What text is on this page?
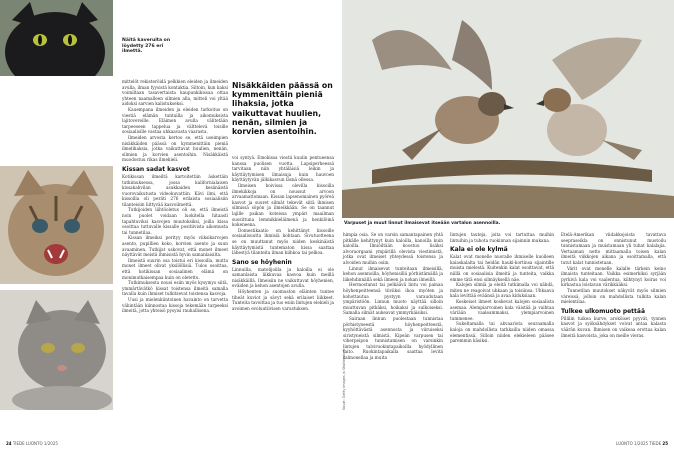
Näitä kaveruita on löydetty 276 eri ilmettä.

mittelöt rekisteröidä pelkkien eleiden ja ilmeiden avulla, ilman fyysistä kontaktia. Siltoin, kun kaksi voimiltaan tasavertaista kaupunkikissaa ottaa yhteen naamalleen silmien alla, mitteli voi yltää aidoksi sarvien kalistukseksi.

Kauempana ilmeiden ja eleiden tarkoitus on viestiä elämän tuntuilla ja aikomuksista lajitovereille. Eläimen avulla välitetään tarpeeseen tappelua ja välttelevä toisille sosiaalisille vastaa uhkaavasta vaarasta.

Ilmeiden arvosta kertoo se, että useimpien nisäkkäiden päässä on kymmenittäin pieniä ilmelihaksia, jotka vaikuttavat huulien, nenän, silmien ja korvien asentoihin. Nisäkkäistä muodostuu rikas ilmekieli.

Kissan sadat kasvot

Kotikissan ilmeiltä kartoitettiin äskettäin tutkimuksessa, jossa kalifornialaisen kissakahvilan asukkaiden kesänäistä vuorovaikutusta videokuvattiin. Kävi ilmi, että kissoilla oli peräti 276 erilaista sosiaalisiin tilanteisiin liittyvää kasvoilmettä.

Tutkijoiden lähtöoletus oli se, että ilmeistä noin puolet voidaan luokitella hitaasti tapahtuviksi kasvojen muutoksiksi, joilla kissa osoittaa tuttuvalle kissalle positiivista aikomusta tai tunnetilaa.

Kissan ilmeiksi perityy myös viiksikarvojen asento, pupillien koko, korvien asento ja suun avaaminen. Tutkijat uskovat, että monet ilmeet näyttävät meistä ihmisistä hyvin samanlaisilta.

Ilmeistä suurin osa toistui eri kissoilla, mutta monet ilmeet olivat yksilöllisiä. Tulos osoittaa, että kotikissan sosiaalinen elämä on monimutkaisempaa kuin on oletettu.

Tutkimuksesta nousi esiin myös kysymys siitä, ymmärtävätkö kissat toistensa ilmeitä samalla tavalla kuin ihmiset tulkitsevat toistensa kasvoja.

Uusi ja mielenkiintoinen havainto on tarvetta vähintään kiinnostaa kissoja tekemään tarpeeksi ilmeitä, jotta yhteisö pysyisi rauhallisena.

Nisäkkäiden päässä on kymmenittäin pieniä lihaksia, jotka vaikuttavat huulien, nenän, silmien ja korvien asentoihin.

voi syntyä. Emokissa viestii kuulin pentueensa kanssa puolisen vuotta. Lapsiperheessä tarvitaan niin yhtäläisiä leikin ja käyttäytymisen ilmaisuja kuin hauvoen käyttäytyvän jälkikasvun läsnä ollessa.

Ilmeisen hoivissa olevilla kissoilla ilmekikkoja on noussut arvoon arvaamattomaan. Kissan lapsenomainen pyöreä kasvot ja suuret silmät tekevät siitä ihmisen silmissä söpön ja ilmeikkään. Se on taannut lajille paikan koteissa ympäri maailman suosittuna lemmikkieläimenä ja henkilöinä kokeneena.

Domestikaatio on kehittänyt kissoille sosiaalisuutta ihmisiä kohtaan. Sivutuotteena se on muuttanut myös niiden keskinäistä käyttäytymistä tuntematon kissa saattaa lähestyä tilanteita ilman kiihkoa tai pelkoa.

Sano se höyhenin

Linnuilla, matelijoilla ja kaloilla ei ole samanlaista liikkuvaa kasvoa kuin meillä nisäkkäillä. Ilmeisiin ne vaikuttavat höyhenien, eväiden ja kehon asentojen avulla.

Höyhenten ja suomuston eläinten tuntee tiheät kuviot ja sävyt sekä erilaiset liikkeet. Tunteita tavoittaa ja tuo esiin lintujen elekieli ja avoimen evoluutiivisen varustuksen.

Varpuset ja muut linnut ilmaisevat itseään vartalon asennoilla.
Kuvat: Getty Images ja Shutterstock

himpia osia. Se on varsin samantapainen yhtä pitkälle kehittynyt kuin kaloilla, kanoilla kuin kaloilla. Ilmiöiltään koostuu lisäksi alvoraorgaani ympärillä olevista viestimistä, jotka ovat ilmeiset yhteydessä toistensa ja alvoiden muihin osiin.

Linnut ilmaisevat tunteitaan ilmeisillä, kehon asennoilla, höyhenisillä pörhistämällä ja liikehdinnällä sekä ilmeen ja nokan ilmeillä.

Hermostunut tai pelkäävä lintu voi painaa höyhenpeitteensä tiiviiksi ihoa myöten ja kohottautua pystyyn varaudutaan ympäristöön. Linnun muoto näyttää silloin muuttuvan pitkäksi, hoikaksi ja sulkoiseksi. Samalla silmät aukeavat ymmyrkäisiksi.

Sairaan linnun puolestaan tunnistaa pörhistyneestä höyhenpeitteestä, kyyhöttävästä asennosta ja viiruiseksi siristyneistä silmistä. Kipeän varpusen tai viherpeipon tunnistamisen on varsinkin lintujen talviruokintapaikoilla hyödyllinen taito. Ruokintapaikalla saattaa levitä salmonellaa ja muita

lintujen tauteja, joita voi tartuttaa muihin lintuihin ja tuhota ruokinnan sijainnin mukana.

Kala ei ole kylmä

Kalat ovat monelle nuoralle ihmiselle kuolleen kaiaskalalta tai heidän hauki-kortinsa sijaintille muista mielestä. Kuitenkin kalat osoittavat, että niillä on sosiaalisia ilmeitä ja tunteita, vaikka emme tätä ensi silmäyksellä näe.

Kalojen silmiä ja eleitä tutkimalla voi nähdä, miten ne reagoivat uhkaan ja toisiinsa. Uhkaava kala levittää eväänsä ja avaa kiduksiaan.

Keskeiset ilmeet koskevat kalojen sosiaalista asemaa. Alempiarvoinen kala väistää ja vaihtaa väriään vaaleammaksi, ylempiarvoinen tummenee.

Sukeltamalla tai akvaariota seuraamalla kaloja on mahdollista tarkkailla niiden omassa elementissä. Silloin niiden elekieleen pääsee paremmin käsiksi.

Etelä-Amerikan viidakkojoista tavattava seepraseikla on onnistunut muotoilu tunnistamaan ja muistamaan yli tuhat kalalajia. Vertaaman netto mittaamalla toisen kalan ilmeitä viikkojen aikana ja osoittamalla, että tutut kalat tunnistetaan.

Värit ovat monelle kalalle tärkein keino ilmaista tunteitaan. Vaikka esimerkiksi syrjään pyrkivä kala voi vaalentua, kiihtynyt koiras voi kirkastua loistavan värikkääksi.

Tunnetilan muutokset näkyvät myös silmien väreissä, jolloin on mahdollista tulkita kalan mielentilaa.

Tulkee ulkomuoto pettää

Pillilin tuikea kurve, aroköiset pyyvät, tynnen kasvot ja syöksähdykset voivat antaa kalasta väärän kuvan. Ihmisen on vaikeaa erottaa kalan ilmeitä kasvoista, joka on meille vieras.

24 TIEDE LUONTO 1/2025	LUONTO 1/2025 TIEDE 25
